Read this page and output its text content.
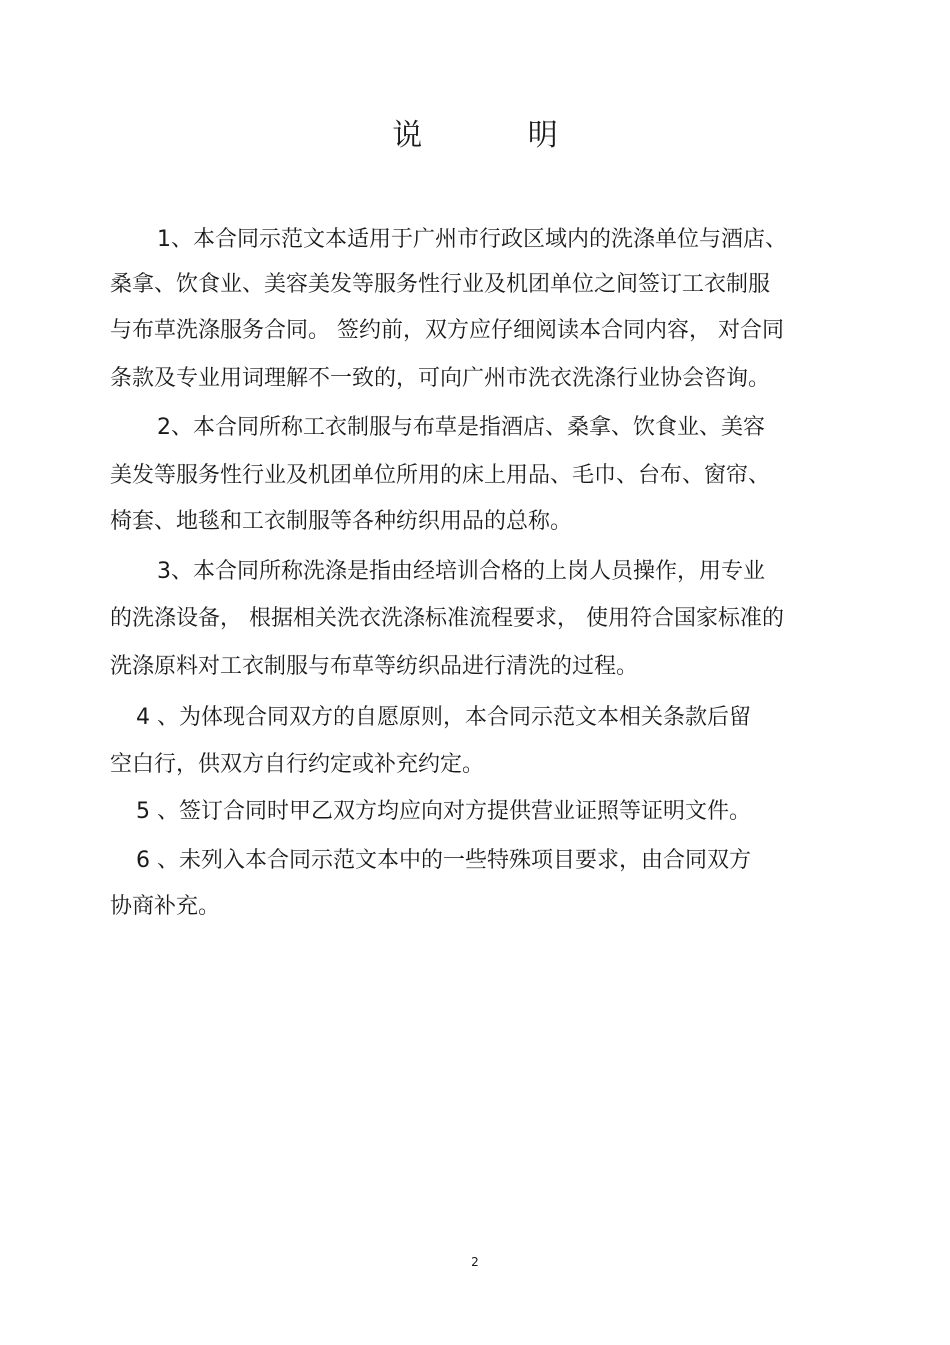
说 明
1、本合同示范文本适用于广州市行政区域内的洗涤单位与酒店、
桑拿、饮食业、美容美发等服务性行业及机团单位之间签订工衣制服
与布草洗涤服务合同。 签约前，双方应仔细阅读本合同内容， 对合同
条款及专业用词理解不一致的，可向广州市洗衣洗涤行业协会咨询。
2、本合同所称工衣制服与布草是指酒店、桑拿、饮食业、美容
美发等服务性行业及机团单位所用的床上用品、毛巾、台布、窗帘、
椅套、地毯和工衣制服等各种纺织用品的总称。
3、本合同所称洗涤是指由经培训合格的上岗人员操作，用专业
的洗涤设备， 根据相关洗衣洗涤标准流程要求， 使用符合国家标准的
洗涤原料对工衣制服与布草等纺织品进行清洗的过程。
4 、为体现合同双方的自愿原则，本合同示范文本相关条款后留
空白行，供双方自行约定或补充约定。
5 、签订合同时甲乙双方均应向对方提供营业证照等证明文件。
6 、未列入本合同示范文本中的一些特殊项目要求，由合同双方
协商补充。
2
